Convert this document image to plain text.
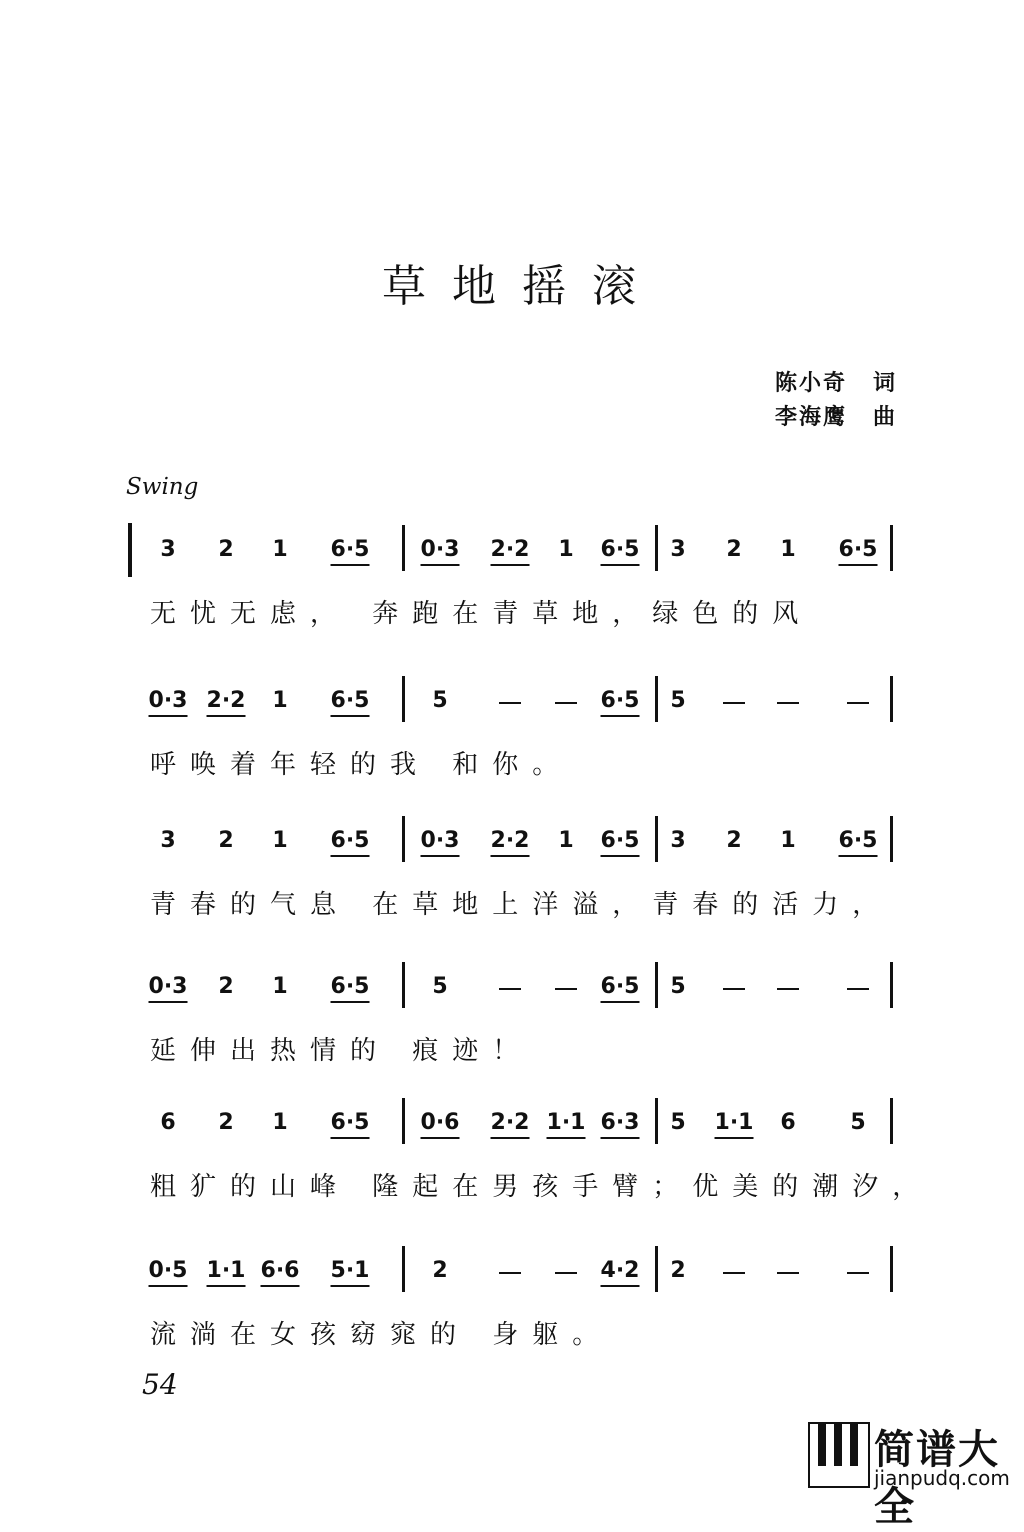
草地摇滚
陈小奇 词
李海鹰 曲
Swing
3 2 1 6·5 0·3 2·2 1 6·5 3 2 1 6·5
无忧无虑， 奔跑在青草地，绿色的风
0·3 2·2 1 6·5	5	6·5 5
呼唤着年轻的我 和你。
3 2 1 6·5 0·3 2·2 1 6·5 3 2 1 6·5
青春的气息 在草地上洋溢，青春的活力，
0·3 2 1 6·5	5	6·5 5
延伸出热情的 痕迹！
6 2 1 6·5 0·6 2·2 1·1 6·3 5 1·1 6 5
粗犷的山峰 隆起在男孩手臂；优美的潮汐，
0·5 1·1 6·6 5·1	2	4·2 2
流淌在女孩窈窕的 身躯。
54
简谱大全
jianpudq.com
